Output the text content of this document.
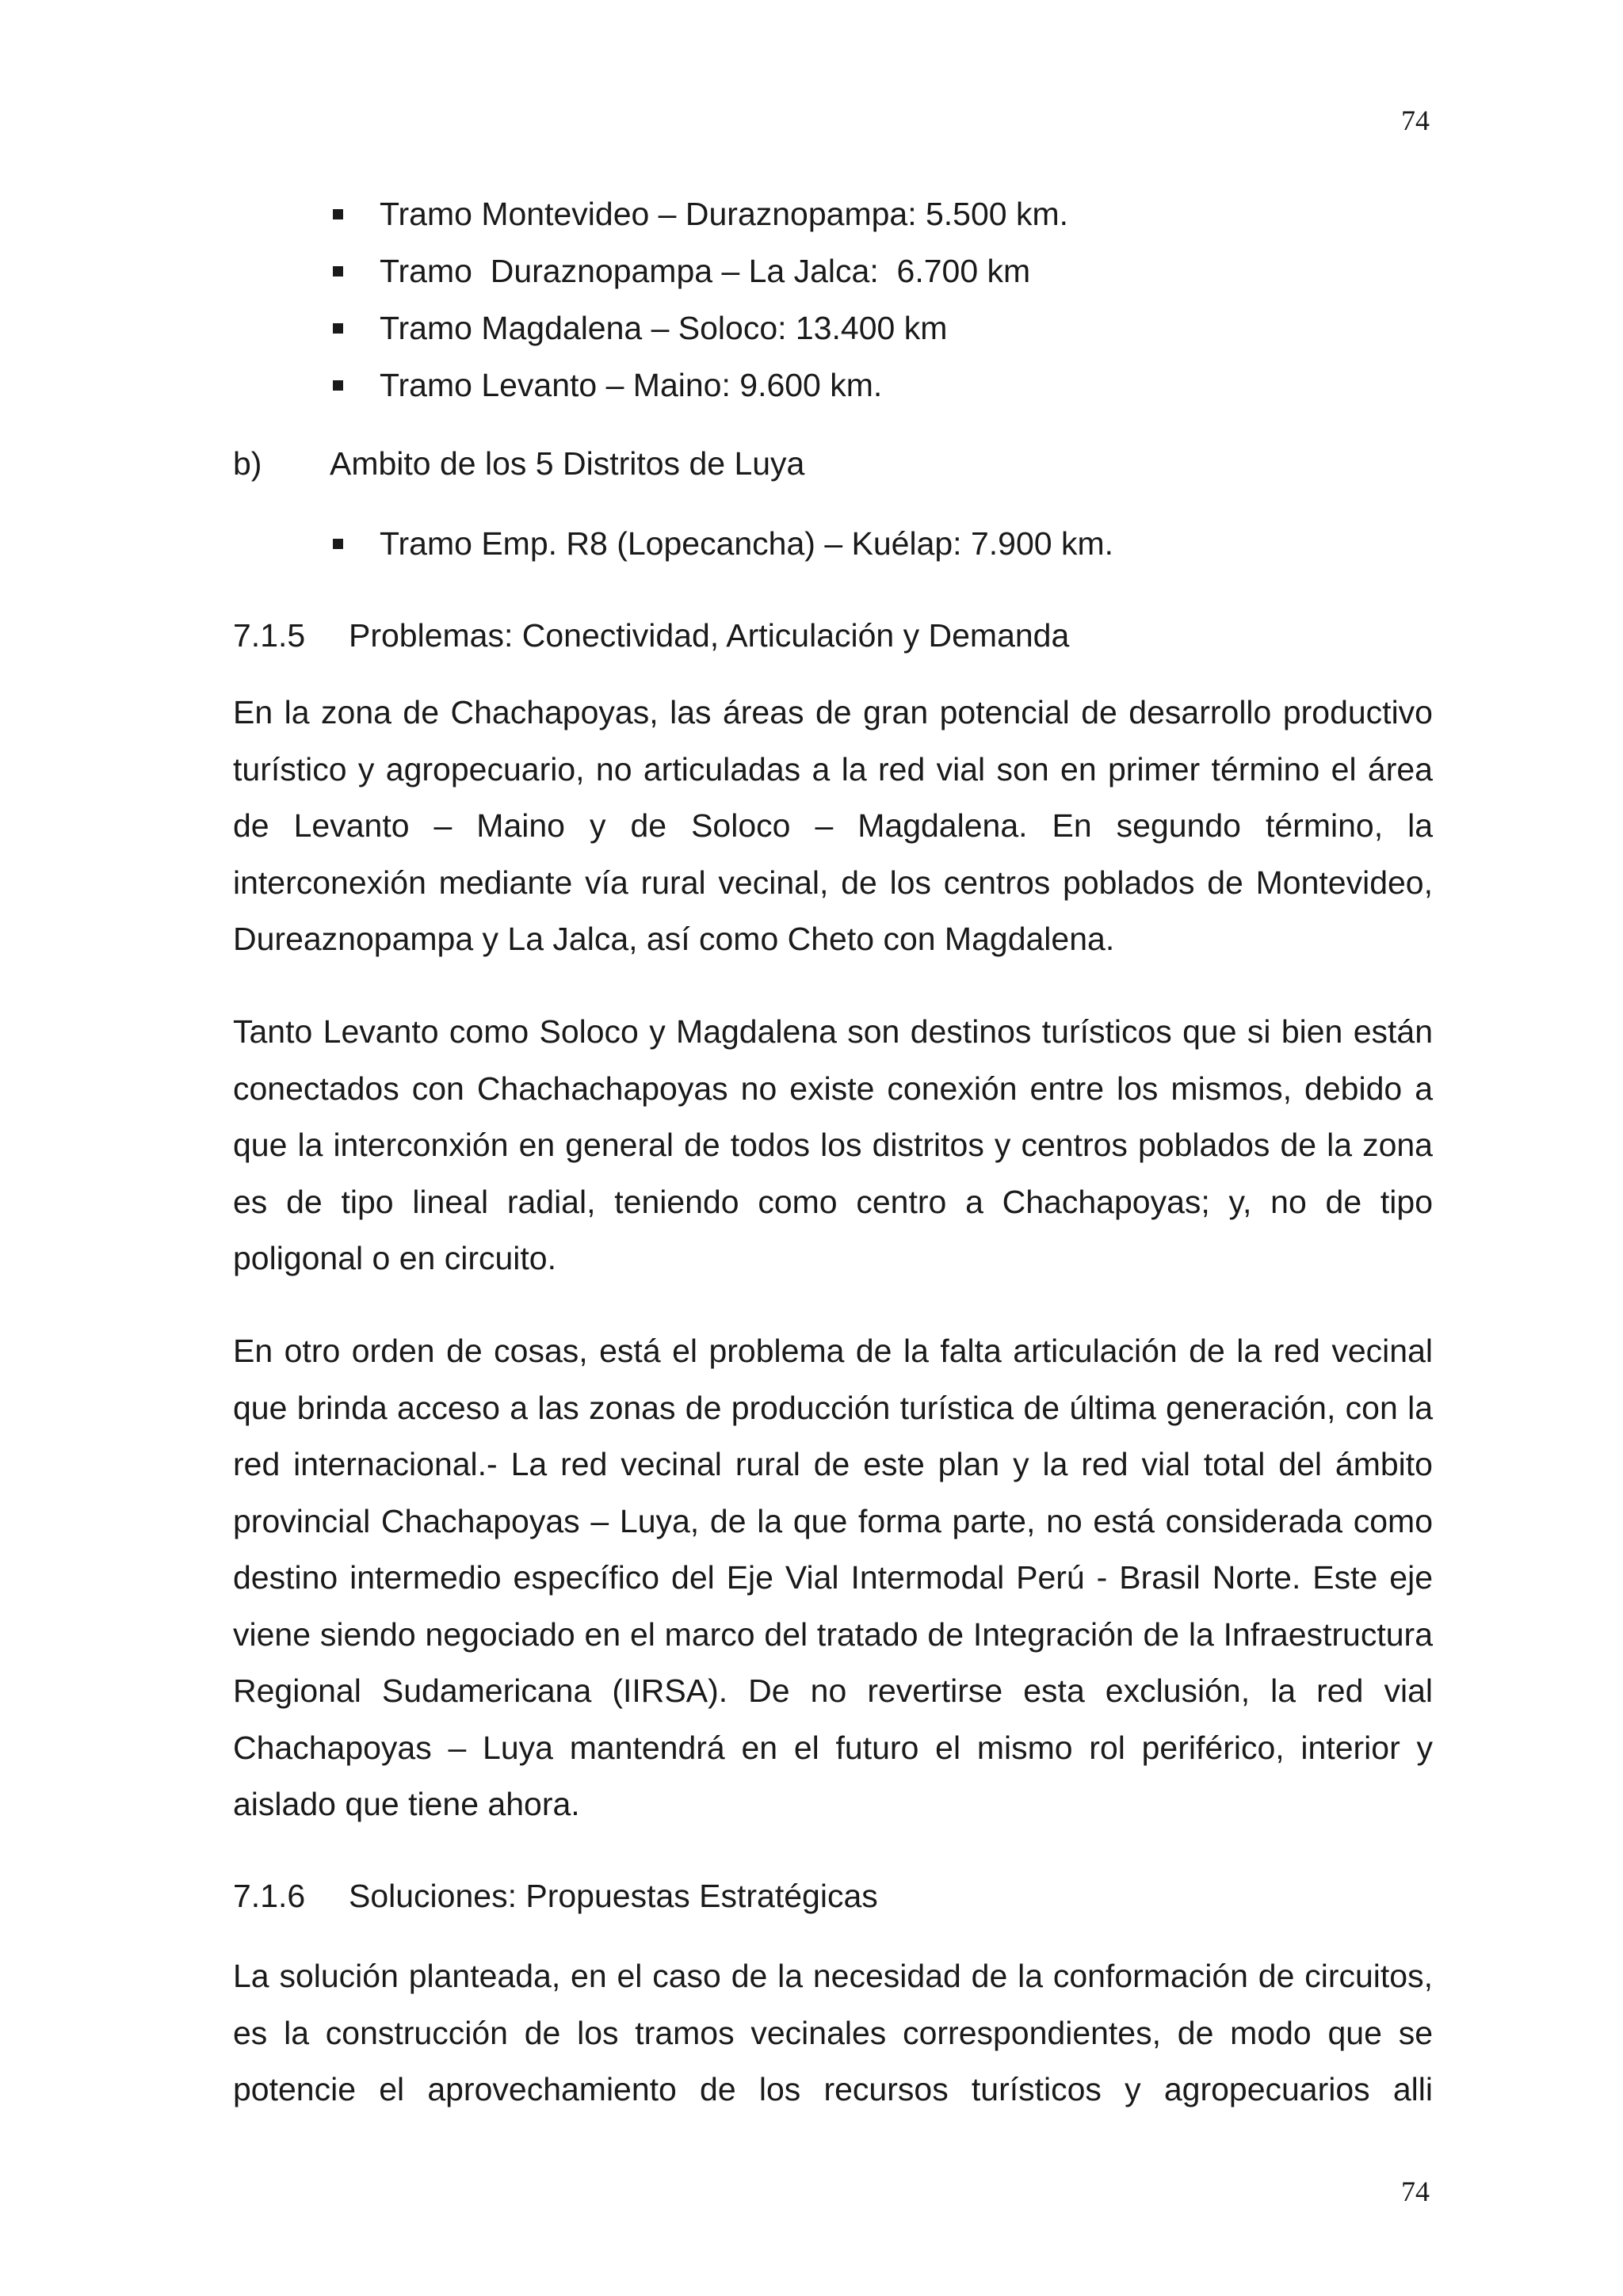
74
Tramo Montevideo – Duraznopampa: 5.500 km.
Tramo  Duraznopampa – La Jalca:  6.700 km
Tramo Magdalena – Soloco: 13.400 km
Tramo Levanto – Maino: 9.600 km.
b)	Ambito de los 5 Distritos de Luya
Tramo Emp. R8 (Lopecancha) – Kuélap: 7.900 km.
7.1.5	Problemas: Conectividad, Articulación y Demanda

En la zona de Chachapoyas, las áreas de gran potencial de desarrollo productivo turístico y agropecuario, no articuladas a la red vial son en primer término el área de Levanto – Maino y de Soloco – Magdalena. En segundo término, la interconexión mediante vía rural vecinal, de los centros poblados de Montevideo, Dureaznopampa y La Jalca, así como Cheto con Magdalena.

Tanto Levanto como Soloco y Magdalena son destinos turísticos que si bien están conectados con Chachachapoyas no existe conexión entre los mismos, debido a que la interconxión en general de todos los distritos y centros poblados de la zona es de tipo lineal radial, teniendo como centro a Chachapoyas; y, no de tipo poligonal o en circuito.

En otro orden de cosas, está el problema de la falta articulación de la red vecinal que brinda acceso a las zonas de producción turística de última generación, con la red internacional.- La red vecinal rural de este plan y la red vial total del ámbito provincial Chachapoyas – Luya, de la que forma parte, no está considerada como destino intermedio específico del Eje Vial Intermodal Perú - Brasil Norte. Este eje viene siendo negociado en el marco del tratado de Integración de la Infraestructura Regional Sudamericana (IIRSA). De no revertirse esta exclusión, la red vial Chachapoyas – Luya mantendrá en el futuro el mismo rol periférico, interior y aislado que tiene ahora.

7.1.6	Soluciones: Propuestas Estratégicas

La solución planteada, en el caso de la necesidad de la conformación de circuitos, es la construcción de los tramos vecinales correspondientes, de modo que se potencie el aprovechamiento de los recursos turísticos y agropecuarios alli

74
